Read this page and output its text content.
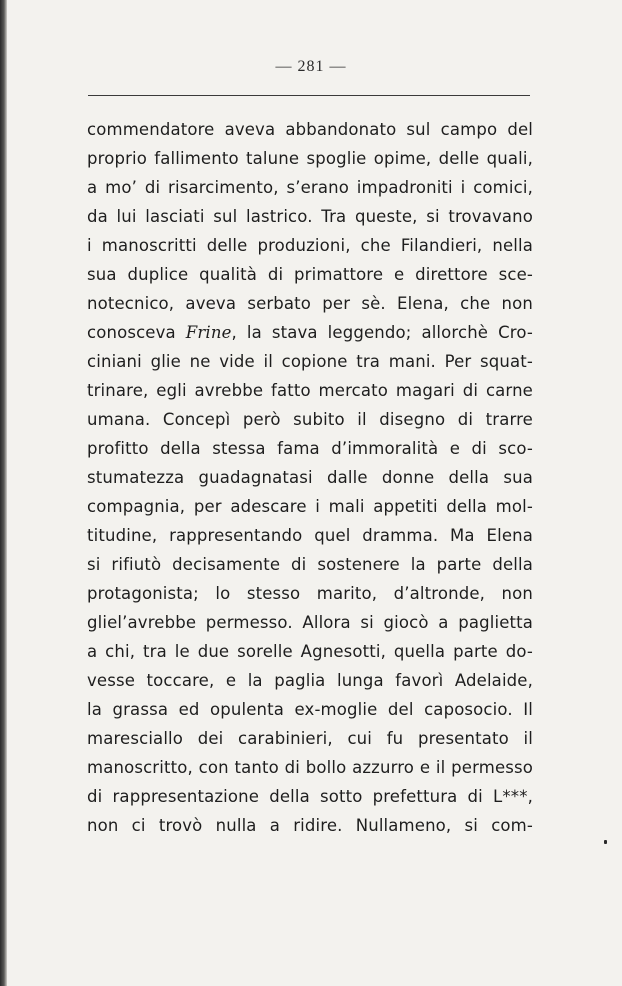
— 281 —
commendatore aveva abbandonato sul campo del
proprio fallimento talune spoglie opime, delle quali,
a mo’ di risarcimento, s’erano impadroniti i comici,
da lui lasciati sul lastrico. Tra queste, si trovavano
i manoscritti delle produzioni, che Filandieri, nella
sua duplice qualità di primattore e direttore sce-
notecnico, aveva serbato per sè. Elena, che non
conosceva Frine, la stava leggendo; allorchè Cro-
ciniani glie ne vide il copione tra mani. Per squat-
trinare, egli avrebbe fatto mercato magari di carne
umana. Concepì però subito il disegno di trarre
profitto della stessa fama d’immoralità e di sco-
stumatezza guadagnatasi dalle donne della sua
compagnia, per adescare i mali appetiti della mol-
titudine, rappresentando quel dramma. Ma Elena
si rifiutò decisamente di sostenere la parte della
protagonista; lo stesso marito, d’altronde, non
gliel’avrebbe permesso. Allora si giocò a paglietta
a chi, tra le due sorelle Agnesotti, quella parte do-
vesse toccare, e la paglia lunga favorì Adelaide,
la grassa ed opulenta ex-moglie del caposocio. Il
maresciallo dei carabinieri, cui fu presentato il
manoscritto, con tanto di bollo azzurro e il permesso
di rappresentazione della sotto prefettura di L***,
non ci trovò nulla a ridire. Nullameno, si com-
